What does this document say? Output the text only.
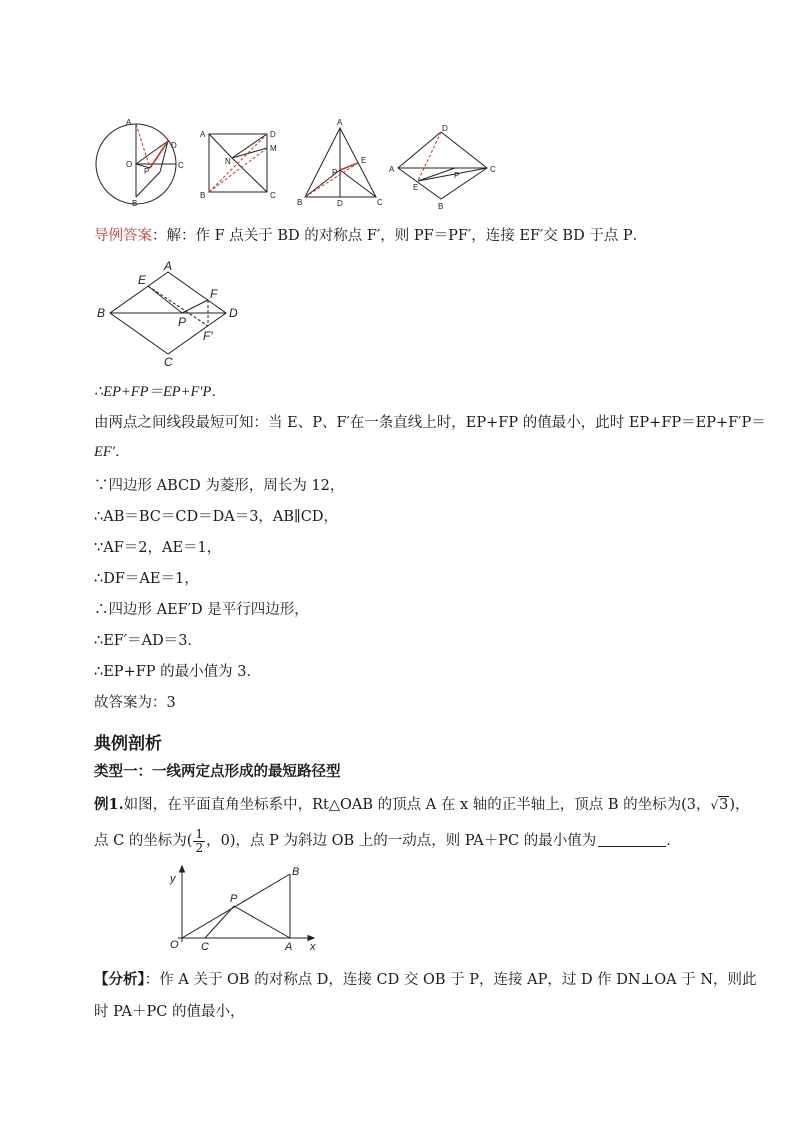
A
O
P
D
C
B
A	D
M
N
B	C
A
E
P
B	D	C
D
A	C
E
P
B
导例答案：解：作 F 点关于 BD 的对称点 F′，则 PF＝PF′，连接 EF′交 BD 于点 P．
A
E
B
F
P
D
F′
C
∴EP+FP＝EP+F′P．
由两点之间线段最短可知：当 E、P、F′在一条直线上时，EP+FP 的值最小，此时 EP+FP＝EP+F′P＝
EF′．
∵四边形 ABCD 为菱形，周长为 12，
∴AB＝BC＝CD＝DA＝3，AB∥CD，
∵AF＝2，AE＝1，
∴DF＝AE＝1，
∴四边形 AEF′D 是平行四边形，
∴EF′＝AD＝3．
∴EP+FP 的最小值为 3．
故答案为：3
典例剖析
类型一：一线两定点形成的最短路径型
例1.如图，在平面直角坐标系中，Rt△OAB 的顶点 A 在 x 轴的正半轴上，顶点 B 的坐标为(3，√3)，
点 C 的坐标为( $\frac{1}{2}$ ，0)，点 P 为斜边 OB 上的一动点，则 PA＋PC 的最小值为	．
y
B
P
O C	A x
【分析】：作 A 关于 OB 的对称点 D，连接 CD 交 OB 于 P，连接 AP，过 D 作 DN⊥OA 于 N，则此
时 PA＋PC 的值最小，
